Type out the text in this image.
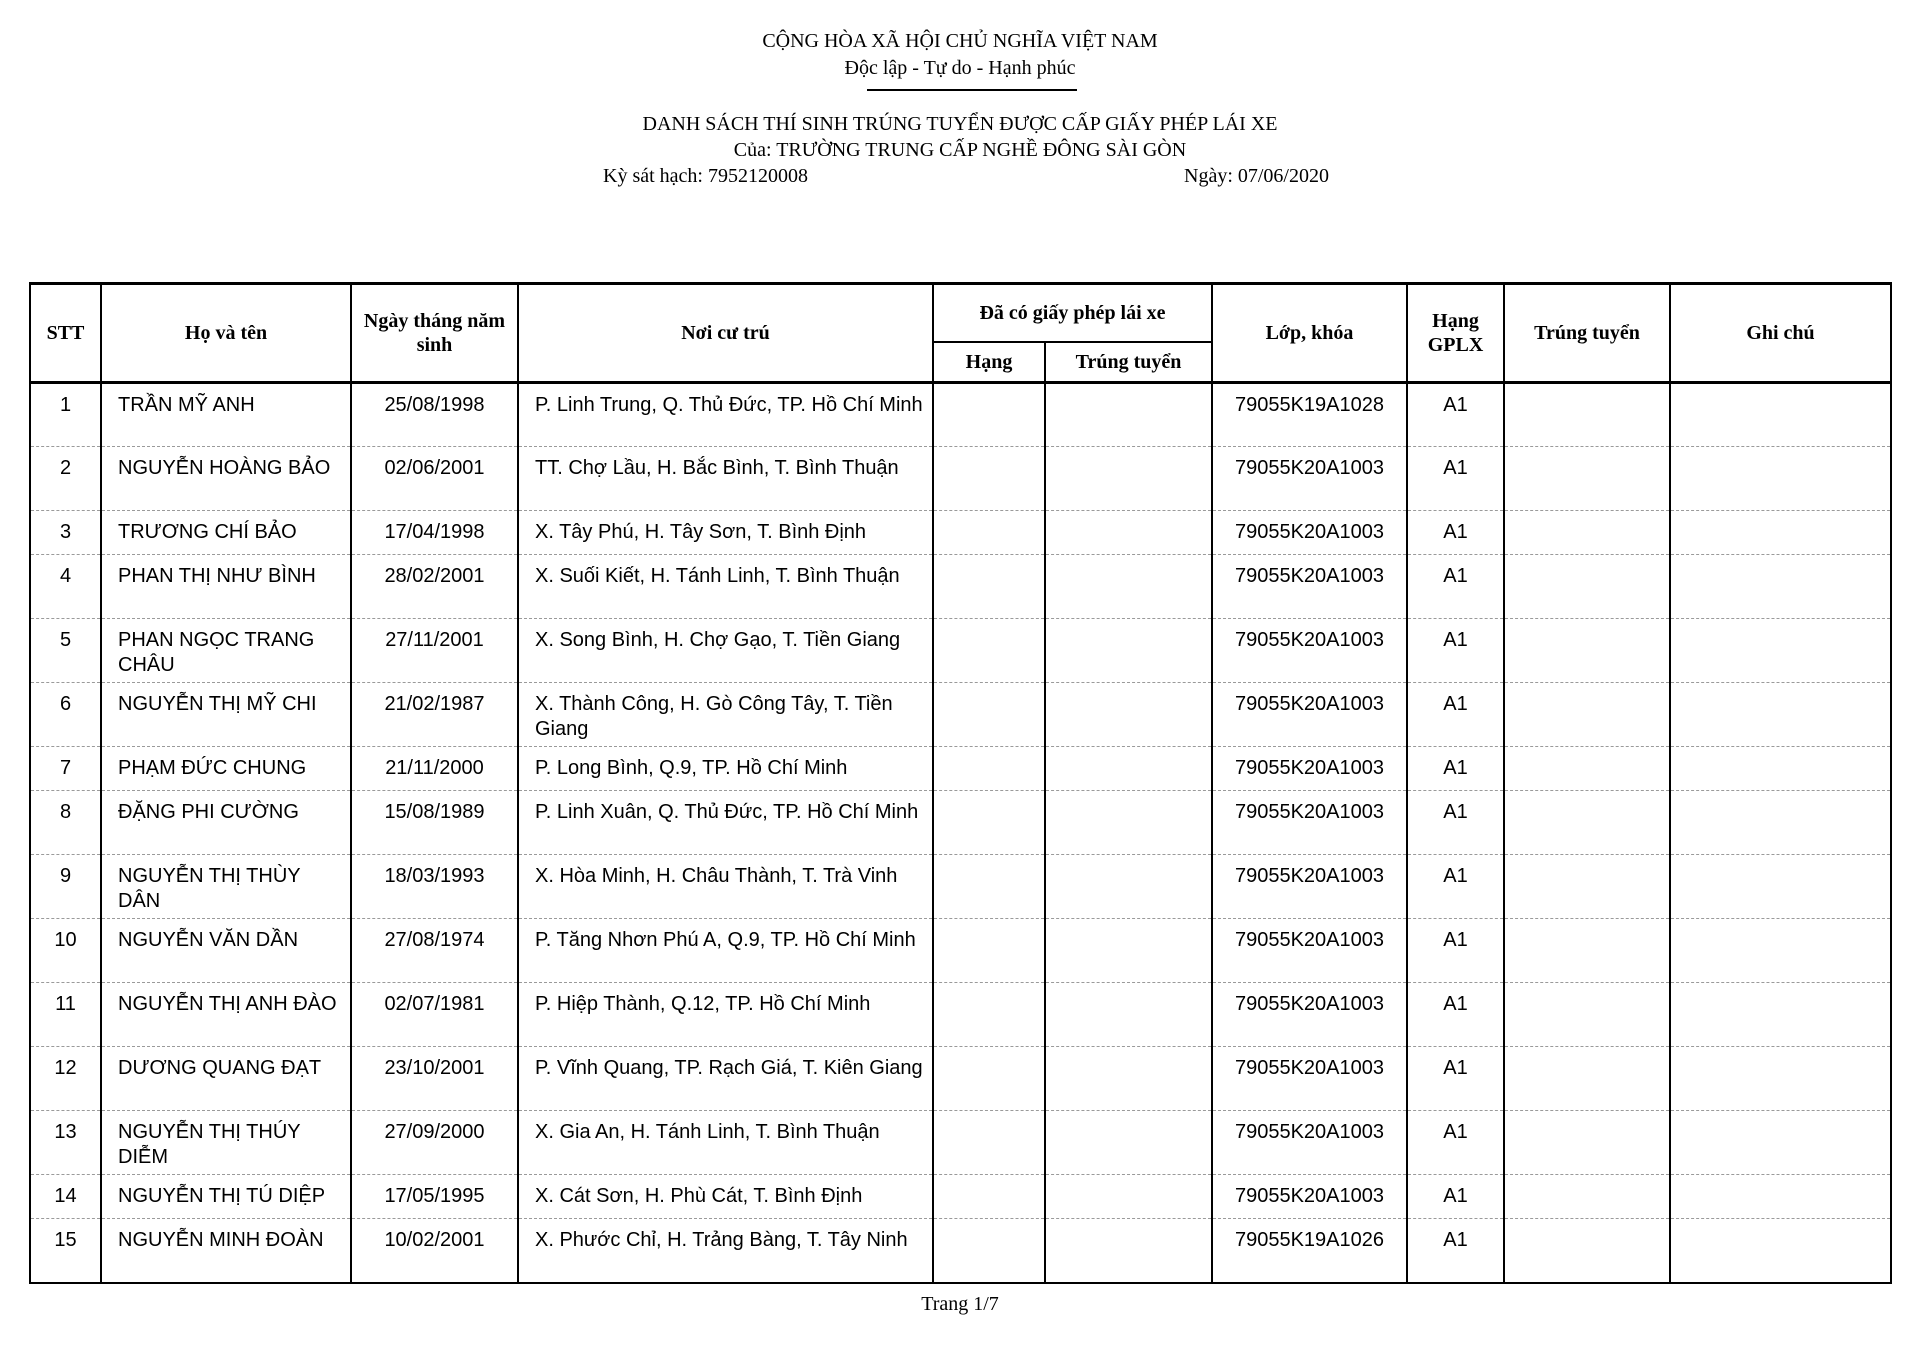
CỘNG HÒA XÃ HỘI CHỦ NGHĨA VIỆT NAM
Độc lập - Tự do - Hạnh phúc
DANH SÁCH THÍ SINH TRÚNG TUYỂN ĐƯỢC CẤP GIẤY PHÉP LÁI XE
Của: TRƯỜNG TRUNG CẤP NGHỀ ĐÔNG SÀI GÒN
Kỳ sát hạch: 7952120008	Ngày: 07/06/2020
STT	Họ và tên	Ngày tháng năm sinh	Nơi cư trú	Đã có giấy phép lái xe		Lớp, khóa	Hạng GPLX	Trúng tuyển	Ghi chú
				Hạng	Trúng tuyển				
1	TRẦN MỸ ANH	25/08/1998	P. Linh Trung, Q. Thủ Đức, TP. Hồ Chí Minh			79055K19A1028	A1		
2	NGUYỄN HOÀNG BẢO	02/06/2001	TT. Chợ Lầu, H. Bắc Bình, T. Bình Thuận			79055K20A1003	A1		
3	TRƯƠNG CHÍ BẢO	17/04/1998	X. Tây Phú, H. Tây Sơn, T. Bình Định			79055K20A1003	A1		
4	PHAN THỊ NHƯ BÌNH	28/02/2001	X. Suối Kiết, H. Tánh Linh, T. Bình Thuận			79055K20A1003	A1		
5	PHAN NGỌC TRANG CHÂU	27/11/2001	X. Song Bình, H. Chợ Gạo, T. Tiền Giang			79055K20A1003	A1		
6	NGUYỄN THỊ MỸ CHI	21/02/1987	X. Thành Công, H. Gò Công Tây, T. Tiền Giang			79055K20A1003	A1		
7	PHẠM ĐỨC CHUNG	21/11/2000	P. Long Bình, Q.9, TP. Hồ Chí Minh			79055K20A1003	A1		
8	ĐẶNG PHI CƯỜNG	15/08/1989	P. Linh Xuân, Q. Thủ Đức, TP. Hồ Chí Minh			79055K20A1003	A1		
9	NGUYỄN THỊ THÙY DÂN	18/03/1993	X. Hòa Minh, H. Châu Thành, T. Trà Vinh			79055K20A1003	A1		
10	NGUYỄN VĂN DẦN	27/08/1974	P. Tăng Nhơn Phú A, Q.9, TP. Hồ Chí Minh			79055K20A1003	A1		
11	NGUYỄN THỊ ANH ĐÀO	02/07/1981	P. Hiệp Thành, Q.12, TP. Hồ Chí Minh			79055K20A1003	A1		
12	DƯƠNG QUANG ĐẠT	23/10/2001	P. Vĩnh Quang, TP. Rạch Giá, T. Kiên Giang			79055K20A1003	A1		
13	NGUYỄN THỊ THÚY DIỄM	27/09/2000	X. Gia An, H. Tánh Linh, T. Bình Thuận			79055K20A1003	A1		
14	NGUYỄN THỊ TÚ DIỆP	17/05/1995	X. Cát Sơn, H. Phù Cát, T. Bình Định			79055K20A1003	A1		
15	NGUYỄN MINH ĐOÀN	10/02/2001	X. Phước Chỉ, H. Trảng Bàng, T. Tây Ninh			79055K19A1026	A1		
Trang 1/7
